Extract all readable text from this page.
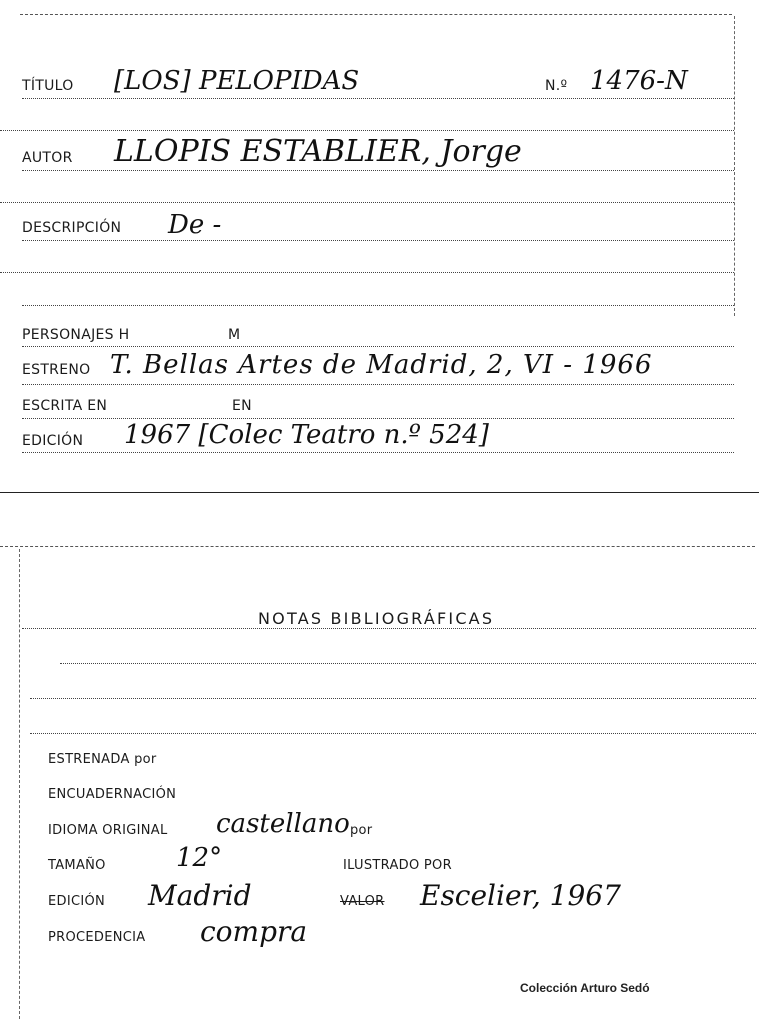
TÍTULO [LOS] PELOPIDAS	N.º 1476-N
AUTOR LLOPIS ESTABLIER, Jorge
DESCRIPCIÓN De -
PERSONAJES H	M
ESTRENO T. Bellas Artes de Madrid, 2, VI - 1966
ESCRITA EN	EN
EDICIÓN 1967 [Colec Teatro n.º 524]
NOTAS BIBLIOGRÁFICAS
ESTRENADA por
ENCUADERNACIÓN
IDIOMA ORIGINAL castellano por
TAMAÑO	12°	ILUSTRADO POR
EDICIÓN Madrid	VALOR Escelier, 1967
PROCEDENCIA compra
Colección Arturo Sedó
